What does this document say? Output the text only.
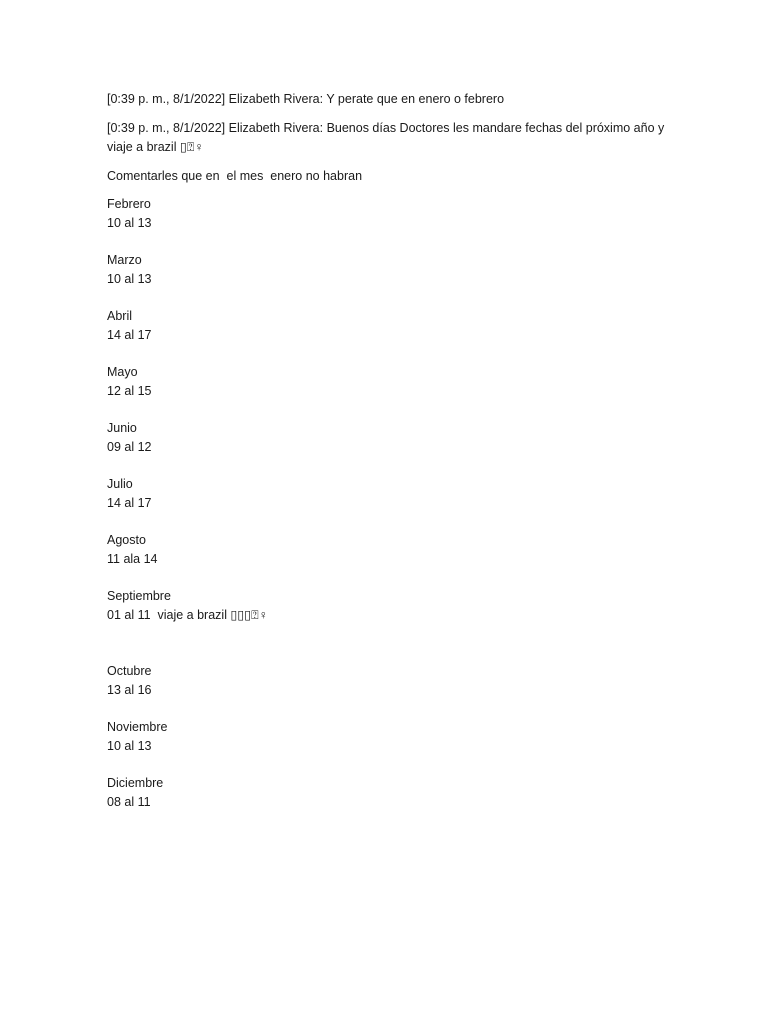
[0:39 p. m., 8/1/2022] Elizabeth Rivera: Y perate que en enero o febrero

[0:39 p. m., 8/1/2022] Elizabeth Rivera: Buenos días Doctores les mandare fechas del próximo año y viaje a brazil ▯⍰♀

Comentarles que en  el mes  enero no habran

Febrero

10 al 13

Marzo

10 al 13

Abril

14 al 17

Mayo

12 al 15

Junio

09 al 12

Julio

14 al 17

Agosto

11 ala 14

Septiembre

01 al 11  viaje a brazil ▯▯▯⍰♀

Octubre

13 al 16

Noviembre

10 al 13

Diciembre

08 al 11
